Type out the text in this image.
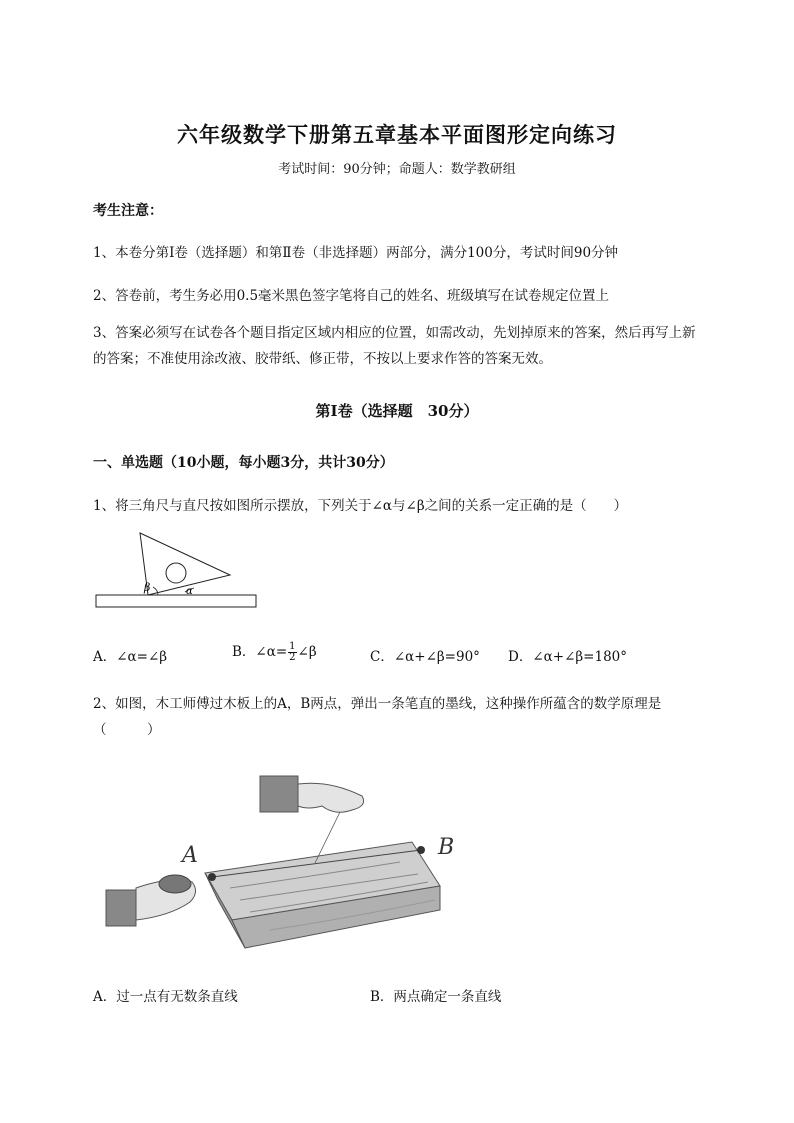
六年级数学下册第五章基本平面图形定向练习
考试时间：90分钟；命题人：数学教研组
考生注意：
1、本卷分第I卷（选择题）和第Ⅱ卷（非选择题）两部分，满分100分，考试时间90分钟
2、答卷前，考生务必用0.5毫米黑色签字笔将自己的姓名、班级填写在试卷规定位置上
3、答案必须写在试卷各个题目指定区域内相应的位置，如需改动，先划掉原来的答案，然后再写上新的答案；不准使用涂改液、胶带纸、修正带，不按以上要求作答的答案无效。
第I卷（选择题　30分）
一、单选题（10小题，每小题3分，共计30分）
1、将三角尺与直尺按如图所示摆放，下列关于∠α与∠β之间的关系一定正确的是（　　）
β	α
A．∠α=∠β	B．∠α= $\frac{1}{2}$ ∠β	C．∠α+∠β=90° D．∠α+∠β=180°
2、如图，木工师傅过木板上的A，B两点，弹出一条笔直的墨线，这种操作所蕴含的数学原理是
（　　　）
A	B
A．过一点有无数条直线	B．两点确定一条直线
